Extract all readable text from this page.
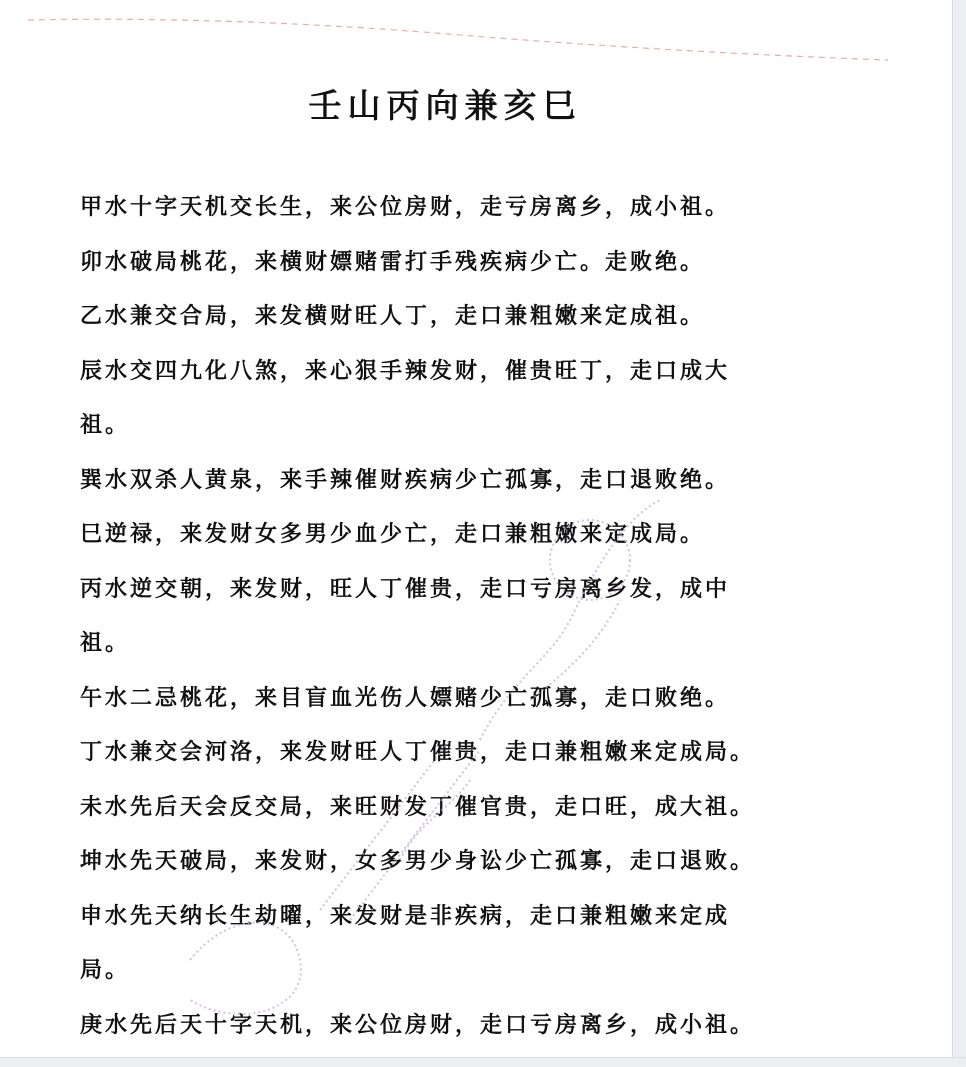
壬山丙向兼亥巳
甲水十字天机交长生，来公位房财，走亏房离乡，成小祖。
卯水破局桃花，来横财嫖赌雷打手残疾病少亡。走败绝。
乙水兼交合局，来发横财旺人丁，走口兼粗嫩来定成祖。
辰水交四九化八煞，来心狠手辣发财，催贵旺丁，走口成大
祖。
巽水双杀人黄泉，来手辣催财疾病少亡孤寡，走口退败绝。
巳逆禄，来发财女多男少血少亡，走口兼粗嫩来定成局。
丙水逆交朝，来发财，旺人丁催贵，走口亏房离乡发，成中
祖。
午水二忌桃花，来目盲血光伤人嫖赌少亡孤寡，走口败绝。
丁水兼交会河洛，来发财旺人丁催贵，走口兼粗嫩来定成局。
未水先后天会反交局，来旺财发丁催官贵，走口旺，成大祖。
坤水先天破局，来发财，女多男少身讼少亡孤寡，走口退败。
申水先天纳长生劫曜，来发财是非疾病，走口兼粗嫩来定成
局。
庚水先后天十字天机，来公位房财，走口亏房离乡，成小祖。
